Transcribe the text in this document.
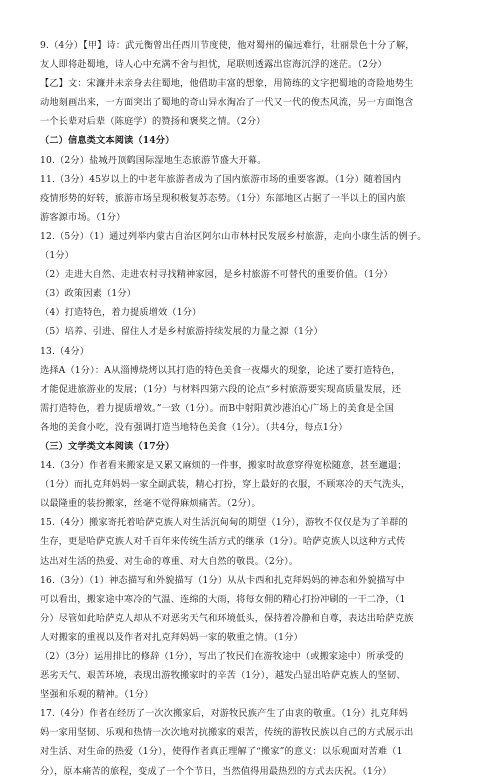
9.（4分）【甲】诗：武元衡曾出任西川节度使，他对蜀州的偏远难行，壮丽景色十分了解，
友人即将赴蜀地，诗人心中充满不舍与担忧，尾联则透露出宦海沉浮的迷茫。（2分）
【乙】文：宋濂并未亲身去往蜀地，他借助丰富的想象，用简练的文字把蜀地的奇险地势生
动地刻画出来，一方面突出了蜀地的奇山异水淘冶了一代又一代的俊杰风流，另一方面饱含
一个长辈对后辈（陈庭学）的赞扬和褒奖之情。（2分）
（二）信息类文本阅读（14分）
10.（2分）盐城丹顶鹤国际湿地生态旅游节盛大开幕。
11.（3分）45岁以上的中老年旅游者成为了国内旅游市场的重要客源。（1分）随着国内
疫情形势的好转，旅游市场呈现积极复苏态势。（1分）东部地区占据了一半以上的国内旅
游客源市场。（1分）
12.（5分）（1）通过列举内蒙古自治区阿尔山市林村民发展乡村旅游，走向小康生活的例子。
（1分）
（2）走进大自然、走进农村寻找精神家园，是乡村旅游不可替代的重要价值。（1分）
（3）政策因素（1分）
（4）打造特色，着力提质增效（1分）
（5）培养、引进、留住人才是乡村旅游持续发展的力量之源（1分）
13.（4分）
选择A（1分）：A从淄博烧烤以其打造的特色美食一夜爆火的现象，论述了要打造特色，
才能促进旅游业的发展；（1分）与材料四第六段的论点“乡村旅游要实现高质量发展，还
需打造特色，着力提质增效。”一致（1分）。而B中射阳黄沙港泊心广场上的美食是全国
各地的美食小吃，没有强调打造当地特色美食（1分）。（共4分，每点1分）
（三）文学类文本阅读（17分）
14.（3分）作者看来搬家是又累又麻烦的一件事，搬家时故意穿得宽松随意，甚至邋遢；
（1分）而扎克拜妈妈一家全副武装，精心打扮，穿上最好的衣服，不顾寒冷的天气洗头，
以最隆重的装扮搬家，丝毫不觉得麻烦痛苦。（2分）。
15.（4分）搬家寄托着哈萨克族人对生活沉甸甸的期望（1分），游牧不仅仅是为了羊群的
生存，更是哈萨克族人对千百年来传统生活方式的继承（1分）。哈萨克族人以这种方式传
达出对生活的热爱、对生命的尊重、对大自然的敬畏。（2分）。
16.（3分）（1）神态描写和外貌描写（1分）从从卡西和扎克拜妈妈的神态和外貌描写中
可以看出，搬家途中寒冷的气温、连绵的大雨，将每女佣的精心打扮冲刷的一干二净，（1
分）尽管如此哈萨克人却从不对恶劣天气和环境低头，保持着冷静和自尊，表达出哈萨克族
人对搬家的重视以及作者对扎克拜妈妈一家的敬重之情。（1分）
（2）（3分）运用排比的修辞（1分），写出了牧民们在游牧途中（或搬家途中）所承受的
恶劣天气、艰苦环境，表现出游牧搬家时的辛苦（1分），越发凸显出哈萨克族人的坚韧、
坚强和乐观的精神。（1分）
17.（4分）作者在经历了一次次搬家后，对游牧民族产生了由衷的敬重。（1分）扎克拜妈
妈一家用坚韧、乐观和热情一次次地对抗搬家的艰苦，传统的游牧民族以自己的方式展示出
对生活、对生命的热爱（1分），使得作者真正理解了“搬家”的意义：以乐观面对苦难（1
分），原本痛苦的旅程，变成了一个个节日，当然值得用最热烈的方式去庆祝。（1分）
